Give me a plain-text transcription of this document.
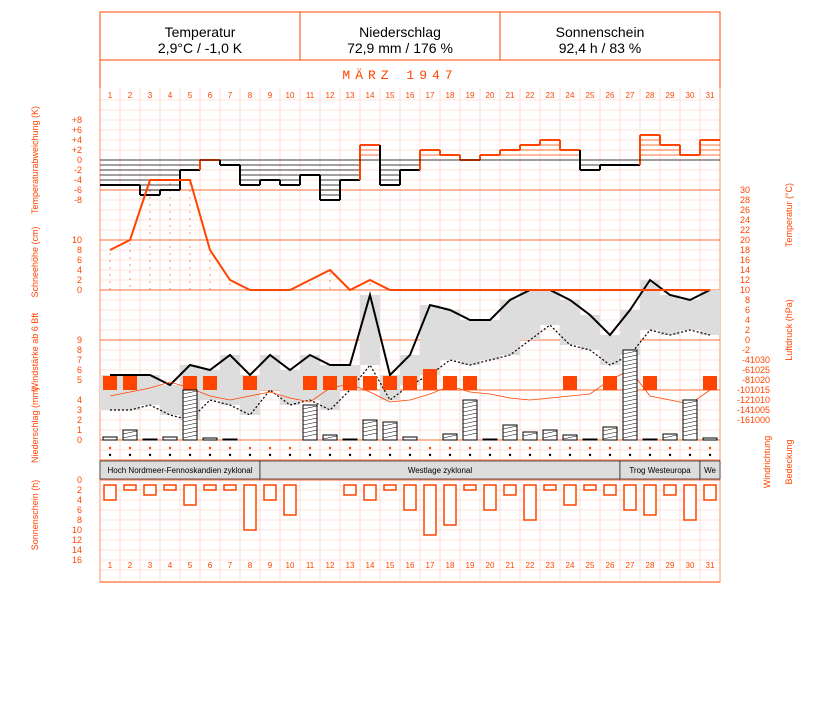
Temperatur
2,9°C / -1,0 K
Niederschlag
72,9 mm / 176 %
Sonnenschein
92,4 h / 83 %
MÄRZ 1947
1
1
2
2
3
3
4
4
5
5
6
6
7
7
8
8
9
9
10
10
11
11
12
12
13
13
14
14
15
15
16
16
17
17
18
18
19
19
20
20
21
21
22
22
23
23
24
24
25
25
26
26
27
27
28
28
29
29
30
30
31
31
Temperaturabweichung (K)
Schneehöhe (cm)
Windstärke ab 6 Bft
Niederschlag (mm)
Sonnenschein (h)
Temperatur (°C)
Luftdruck (hPa)
Windrichtung Bedeckung
+8
+6
+4
+2
0
-2
-4
-6
-8
10
8
6
4
2
0
9
8
7
6
5
4
3
2
1
0
0
2
4
6
8
10
12
14
16
30
28
26
24
22
20
18
16
14
12
10
8
6
4
2
0
-2
-4
-6
-8
-10
-12
-14
-16
1030
1025
1020
1015
1010
1005
1000
Hoch Nordmeer-Fennoskandien zyklonal	Westlage zyklonal	Trog Westeuropa We
